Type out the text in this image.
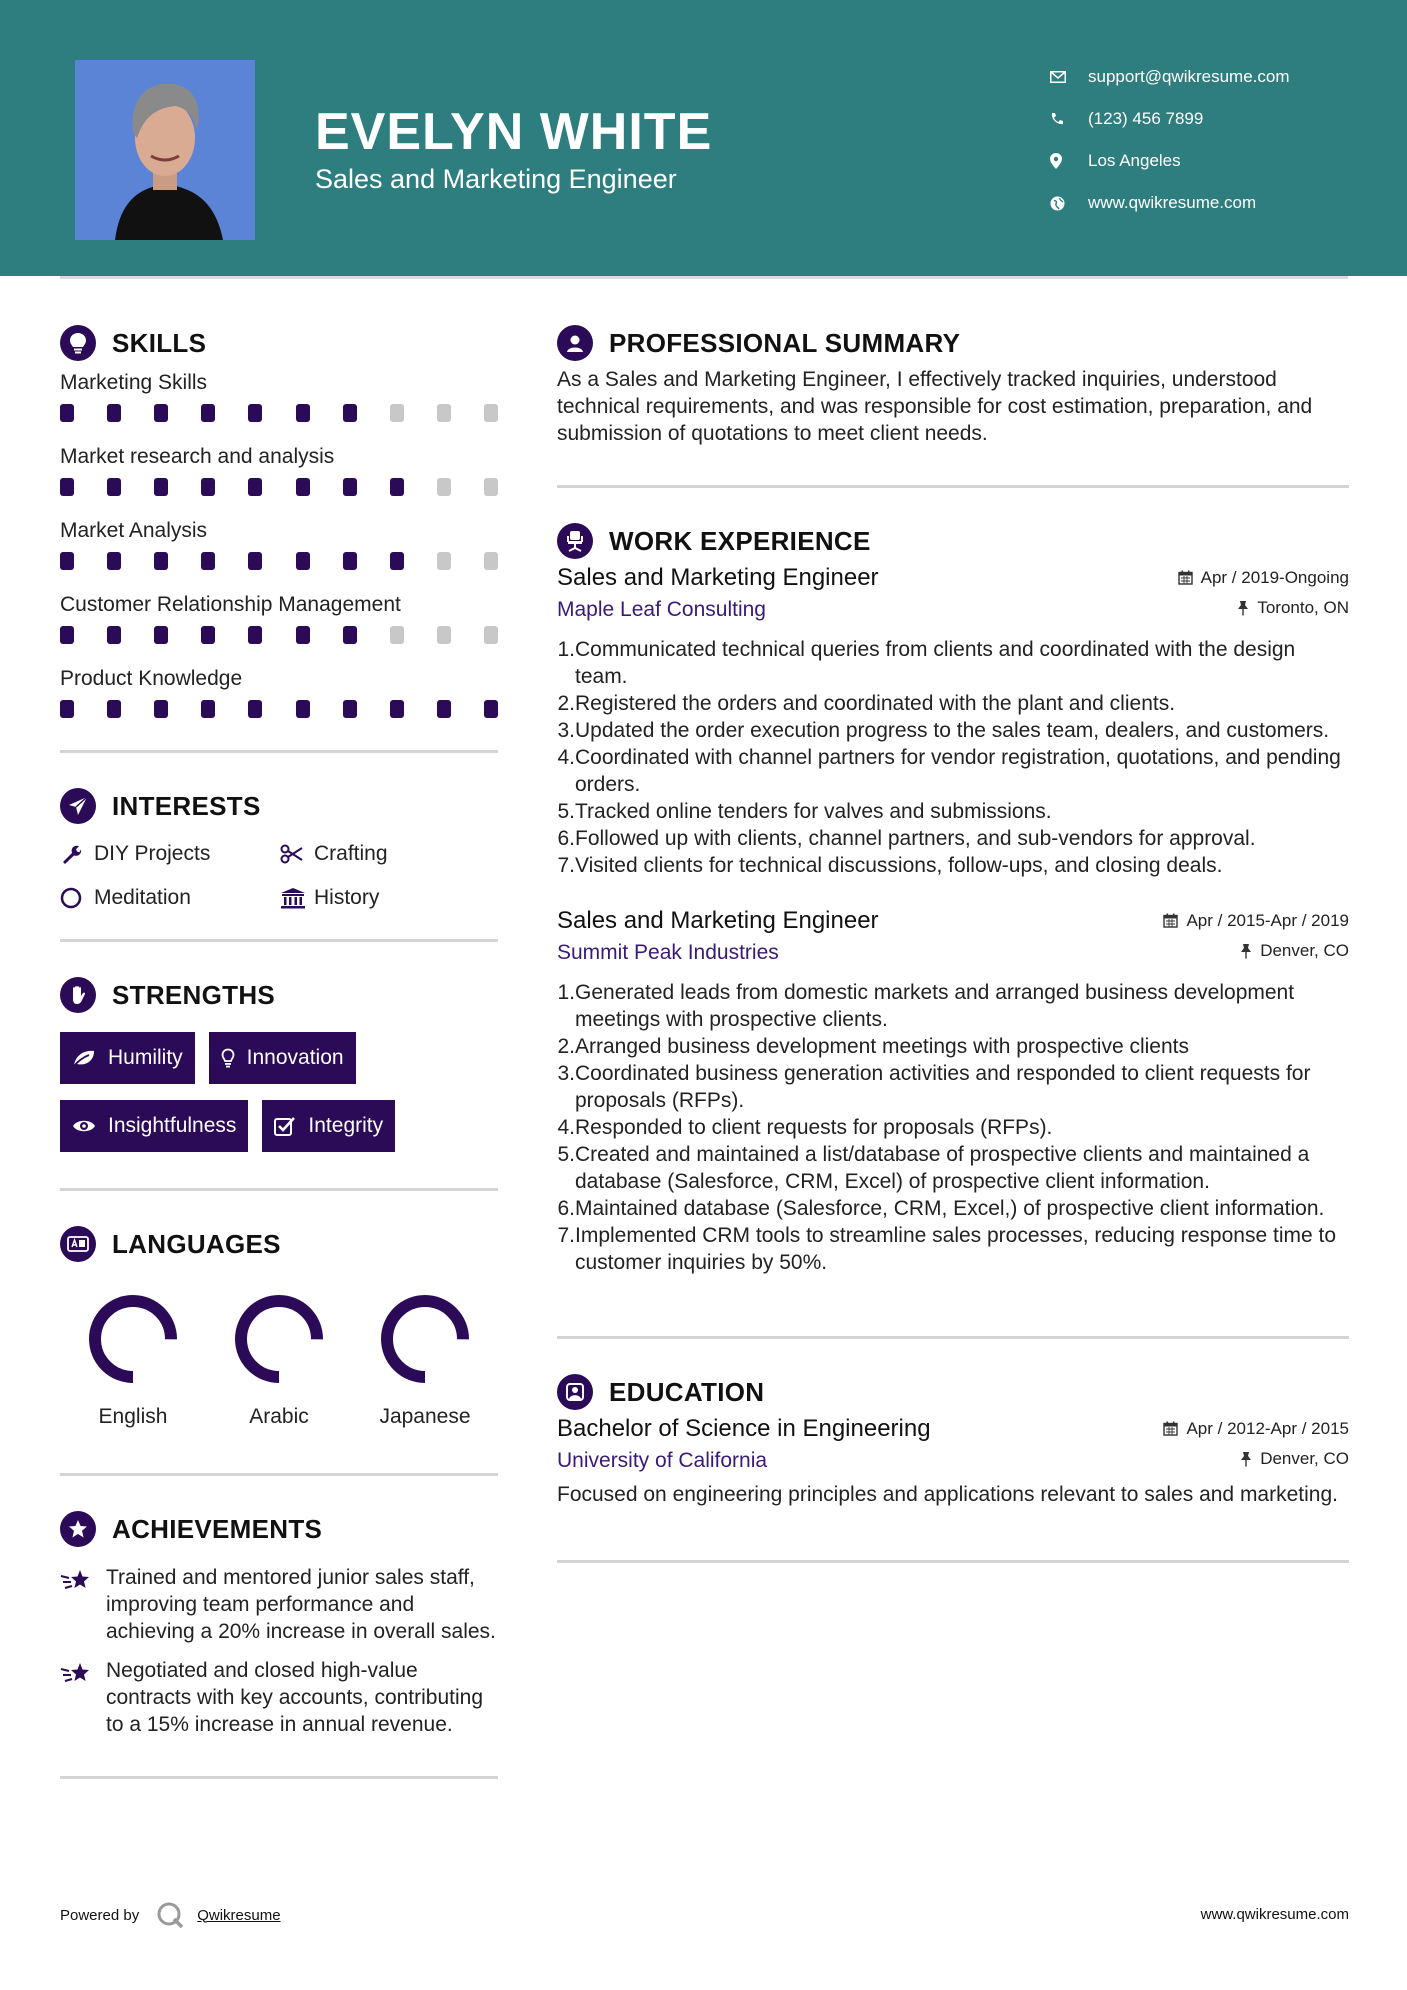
EVELYN WHITE
Sales and Marketing Engineer
support@qwikresume.com
(123) 456 7899
Los Angeles
www.qwikresume.com
SKILLS
Marketing Skills
Market research and analysis
Market Analysis
Customer Relationship Management
Product Knowledge
INTERESTS
DIY Projects	Crafting
Meditation	History
STRENGTHS
Humility	Innovation
Insightfulness	Integrity
LANGUAGES
English	Arabic	Japanese
ACHIEVEMENTS
Trained and mentored junior sales staff, improving team performance and achieving a 20% increase in overall sales.
Negotiated and closed high-value contracts with key accounts, contributing to a 15% increase in annual revenue.
PROFESSIONAL SUMMARY
As a Sales and Marketing Engineer, I effectively tracked inquiries, understood technical requirements, and was responsible for cost estimation, preparation, and submission of quotations to meet client needs.
WORK EXPERIENCE
Sales and Marketing Engineer	Apr / 2019-Ongoing
Maple Leaf Consulting	Toronto, ON
1. Communicated technical queries from clients and coordinated with the design team.
2. Registered the orders and coordinated with the plant and clients.
3. Updated the order execution progress to the sales team, dealers, and customers.
4. Coordinated with channel partners for vendor registration, quotations, and pending orders.
5. Tracked online tenders for valves and submissions.
6. Followed up with clients, channel partners, and sub-vendors for approval.
7. Visited clients for technical discussions, follow-ups, and closing deals.
Sales and Marketing Engineer	Apr / 2015-Apr / 2019
Summit Peak Industries	Denver, CO
1. Generated leads from domestic markets and arranged business development meetings with prospective clients.
2. Arranged business development meetings with prospective clients
3. Coordinated business generation activities and responded to client requests for proposals (RFPs).
4. Responded to client requests for proposals (RFPs).
5. Created and maintained a list/database of prospective clients and maintained a database (Salesforce, CRM, Excel) of prospective client information.
6. Maintained database (Salesforce, CRM, Excel,) of prospective client information.
7. Implemented CRM tools to streamline sales processes, reducing response time to customer inquiries by 50%.
EDUCATION
Bachelor of Science in Engineering	Apr / 2012-Apr / 2015
University of California	Denver, CO
Focused on engineering principles and applications relevant to sales and marketing.
Powered by	Qwikresume	www.qwikresume.com
